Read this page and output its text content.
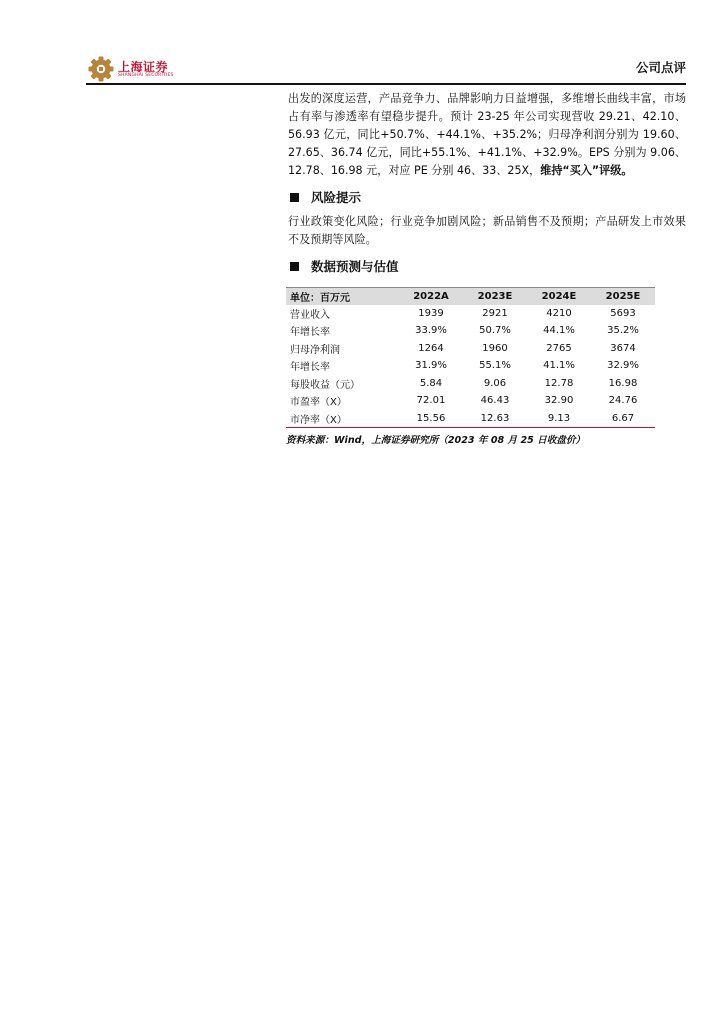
上海证券
SHANGHAI SECURITIES
公司点评

出发的深度运营，产品竞争力、品牌影响力日益增强，多维增长曲线丰富，市场占有率与渗透率有望稳步提升。预计 23-25 年公司实现营收 29.21、42.10、56.93 亿元，同比+50.7%、+44.1%、+35.2%；归母净利润分别为 19.60、27.65、36.74 亿元，同比+55.1%、+41.1%、+32.9%。EPS 分别为 9.06、12.78、16.98 元，对应 PE 分别 46、33、25X，维持“买入”评级。

风险提示

行业政策变化风险；行业竞争加剧风险；新品销售不及预期；产品研发上市效果不及预期等风险。

数据预测与估值
单位：百万元	2022A	2023E	2024E	2025E
营业收入	1939	2921	4210	5693
年增长率	33.9%	50.7%	44.1%	35.2%
归母净利润	1264	1960	2765	3674
年增长率	31.9%	55.1%	41.1%	32.9%
每股收益（元）	5.84	9.06	12.78	16.98
市盈率（X）	72.01	46.43	32.90	24.76
市净率（X）	15.56	12.63	9.13	6.67
资料来源：Wind，上海证券研究所（2023 年 08 月 25 日收盘价）
